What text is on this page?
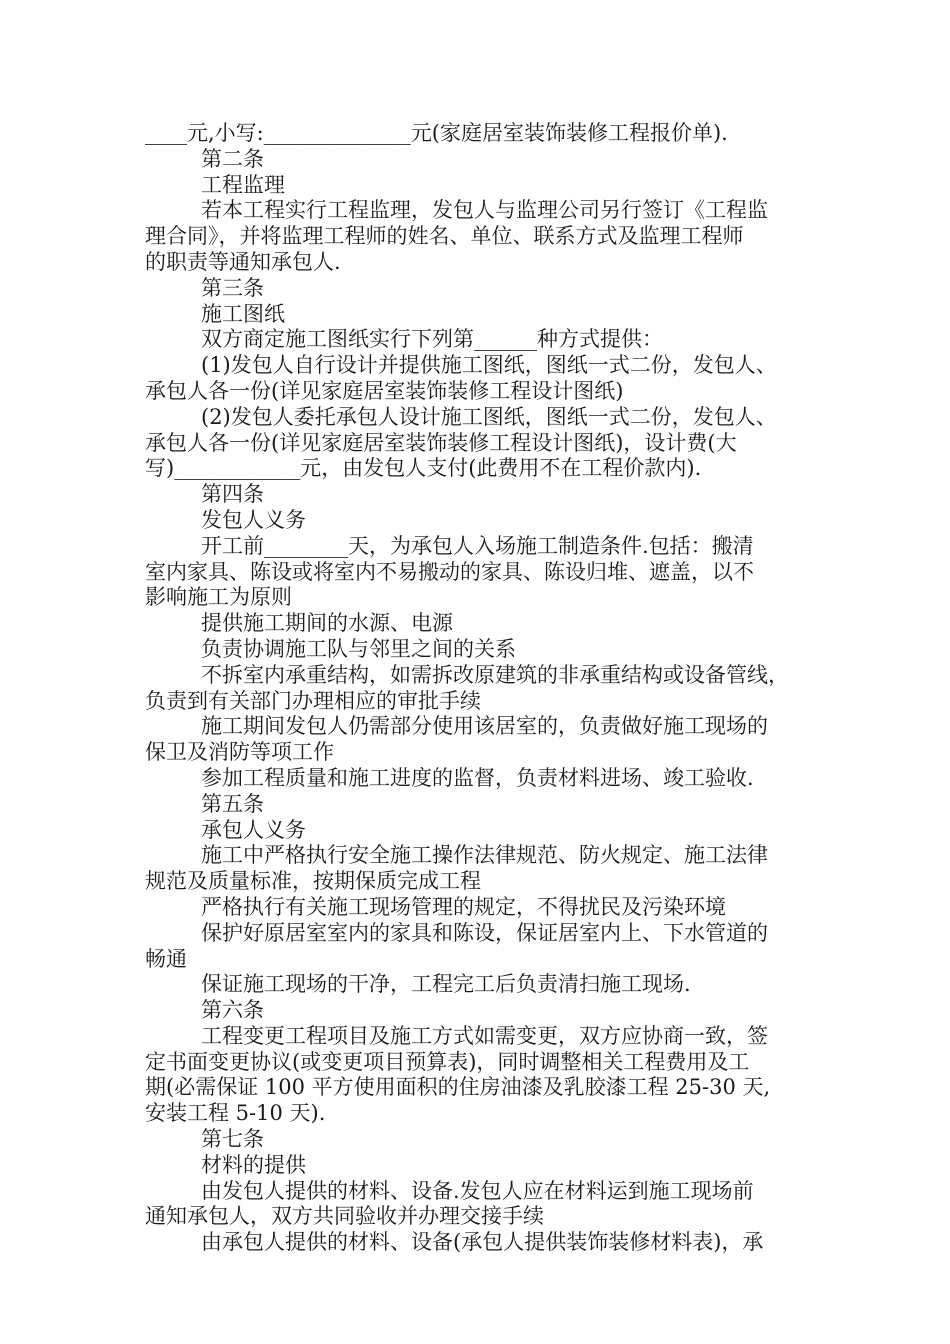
____元,小写:______________元(家庭居室装饰装修工程报价单).
第二条
工程监理
若本工程实行工程监理，发包人与监理公司另行签订《工程监
理合同》，并将监理工程师的姓名、单位、联系方式及监理工程师
的职责等通知承包人.
第三条
施工图纸
双方商定施工图纸实行下列第______种方式提供：
(1)发包人自行设计并提供施工图纸，图纸一式二份，发包人、
承包人各一份(详见家庭居室装饰装修工程设计图纸)
(2)发包人委托承包人设计施工图纸，图纸一式二份，发包人、
承包人各一份(详见家庭居室装饰装修工程设计图纸)，设计费(大
写)____________元，由发包人支付(此费用不在工程价款内).
第四条
发包人义务
开工前________天，为承包人入场施工制造条件.包括：搬清
室内家具、陈设或将室内不易搬动的家具、陈设归堆、遮盖，以不
影响施工为原则
提供施工期间的水源、电源
负责协调施工队与邻里之间的关系
不拆室内承重结构，如需拆改原建筑的非承重结构或设备管线，
负责到有关部门办理相应的审批手续
施工期间发包人仍需部分使用该居室的，负责做好施工现场的
保卫及消防等项工作
参加工程质量和施工进度的监督，负责材料进场、竣工验收.
第五条
承包人义务
施工中严格执行安全施工操作法律规范、防火规定、施工法律
规范及质量标准，按期保质完成工程
严格执行有关施工现场管理的规定，不得扰民及污染环境
保护好原居室室内的家具和陈设，保证居室内上、下水管道的
畅通
保证施工现场的干净，工程完工后负责清扫施工现场.
第六条
工程变更工程项目及施工方式如需变更，双方应协商一致，签
定书面变更协议(或变更项目预算表)，同时调整相关工程费用及工
期(必需保证 100 平方使用面积的住房油漆及乳胶漆工程 25-30 天,
安装工程 5-10 天).
第七条
材料的提供
由发包人提供的材料、设备.发包人应在材料运到施工现场前
通知承包人，双方共同验收并办理交接手续
由承包人提供的材料、设备(承包人提供装饰装修材料表)，承
